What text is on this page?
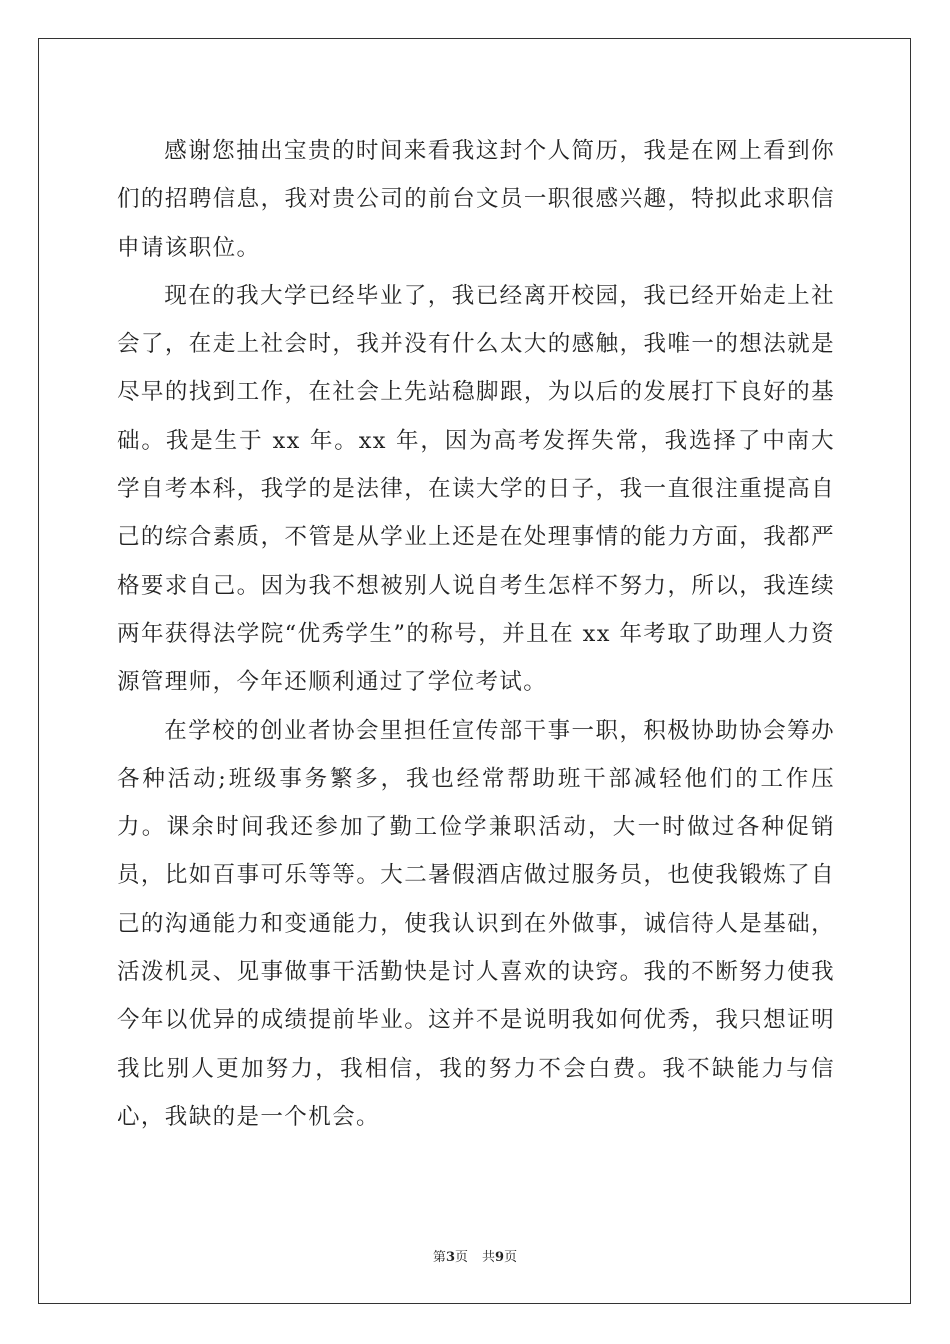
感谢您抽出宝贵的时间来看我这封个人简历，我是在网上看到你们的招聘信息，我对贵公司的前台文员一职很感兴趣，特拟此求职信申请该职位。

现在的我大学已经毕业了，我已经离开校园，我已经开始走上社会了，在走上社会时，我并没有什么太大的感触，我唯一的想法就是尽早的找到工作，在社会上先站稳脚跟，为以后的发展打下良好的基础。我是生于 xx 年。xx 年，因为高考发挥失常，我选择了中南大学自考本科，我学的是法律，在读大学的日子，我一直很注重提高自己的综合素质，不管是从学业上还是在处理事情的能力方面，我都严格要求自己。因为我不想被别人说自考生怎样不努力，所以，我连续两年获得法学院“优秀学生”的称号，并且在 xx 年考取了助理人力资源管理师，今年还顺利通过了学位考试。

在学校的创业者协会里担任宣传部干事一职，积极协助协会筹办各种活动;班级事务繁多，我也经常帮助班干部减轻他们的工作压力。课余时间我还参加了勤工俭学兼职活动，大一时做过各种促销员，比如百事可乐等等。大二暑假酒店做过服务员，也使我锻炼了自己的沟通能力和变通能力，使我认识到在外做事，诚信待人是基础，活泼机灵、见事做事干活勤快是讨人喜欢的诀窍。我的不断努力使我今年以优异的成绩提前毕业。这并不是说明我如何优秀，我只想证明我比别人更加努力，我相信，我的努力不会白费。我不缺能力与信心，我缺的是一个机会。

第3页 共9页
